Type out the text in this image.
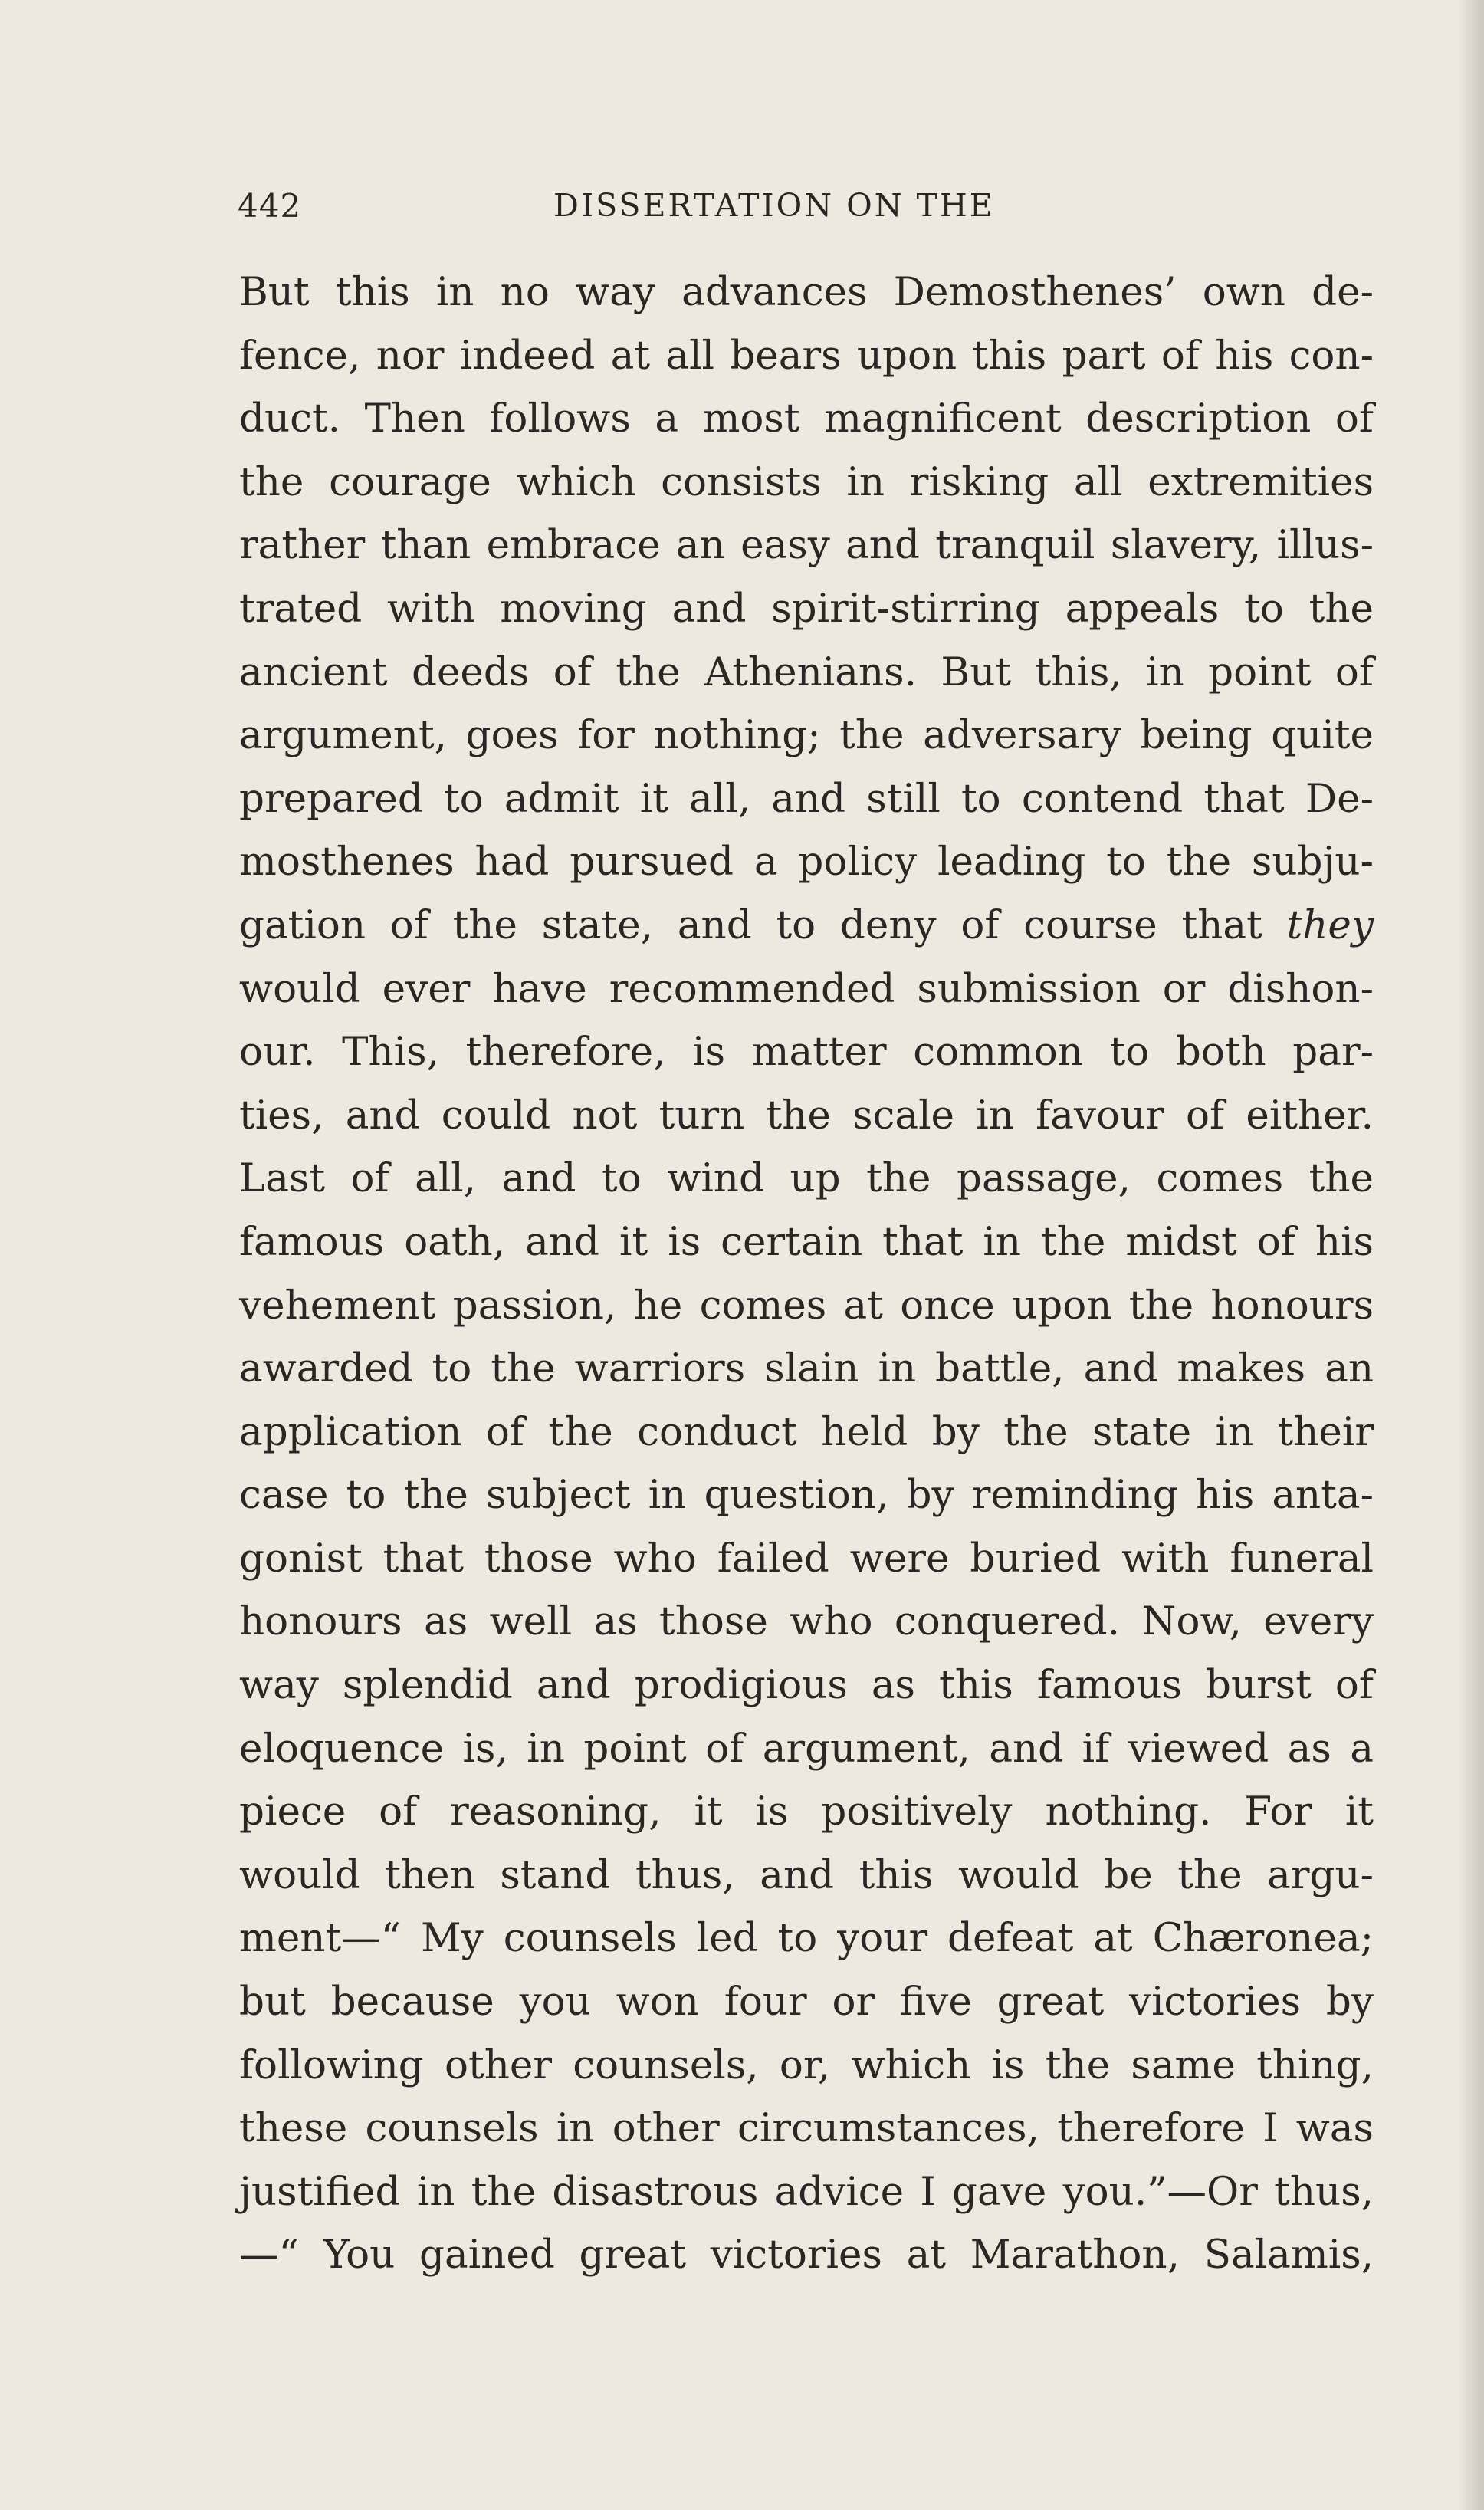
442	DISSERTATION ON THE
But this in no way advances Demosthenes’ own de-
fence, nor indeed at all bears upon this part of his con-
duct. Then follows a most magnificent description of
the courage which consists in risking all extremities
rather than embrace an easy and tranquil slavery, illus-
trated with moving and spirit-stirring appeals to the
ancient deeds of the Athenians. But this, in point of
argument, goes for nothing; the adversary being quite
prepared to admit it all, and still to contend that De-
mosthenes had pursued a policy leading to the subju-
gation of the state, and to deny of course that they
would ever have recommended submission or dishon-
our. This, therefore, is matter common to both par-
ties, and could not turn the scale in favour of either.
Last of all, and to wind up the passage, comes the
famous oath, and it is certain that in the midst of his
vehement passion, he comes at once upon the honours
awarded to the warriors slain in battle, and makes an
application of the conduct held by the state in their
case to the subject in question, by reminding his anta-
gonist that those who failed were buried with funeral
honours as well as those who conquered. Now, every
way splendid and prodigious as this famous burst of
eloquence is, in point of argument, and if viewed as a
piece of reasoning, it is positively nothing. For it
would then stand thus, and this would be the argu-
ment—“ My counsels led to your defeat at Chæronea;
but because you won four or five great victories by
following other counsels, or, which is the same thing,
these counsels in other circumstances, therefore I was
justified in the disastrous advice I gave you.”—Or thus,
—“ You gained great victories at Marathon, Salamis,
